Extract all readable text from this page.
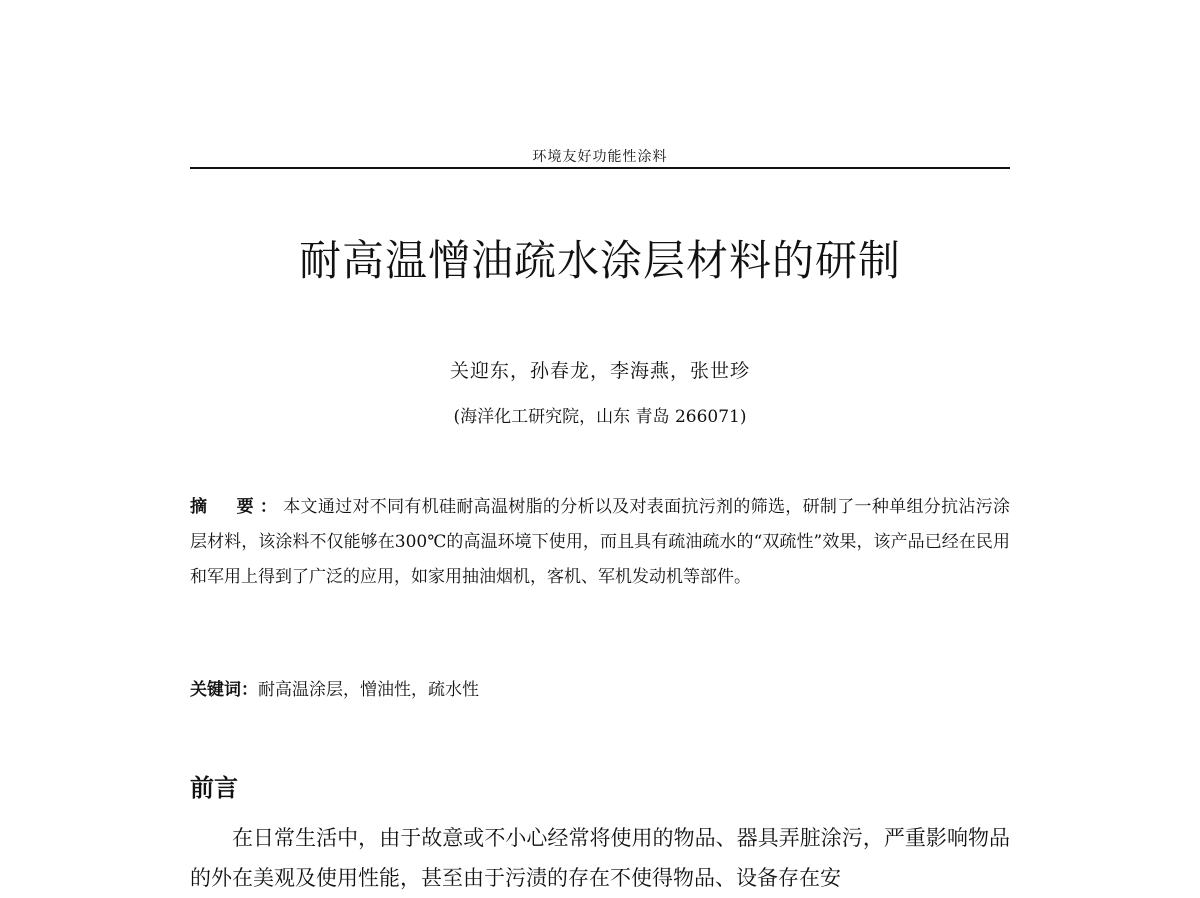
环境友好功能性涂料
耐高温憎油疏水涂层材料的研制
关迎东，孙春龙，李海燕，张世珍
(海洋化工研究院，山东 青岛 266071)
摘　要：本文通过对不同有机硅耐高温树脂的分析以及对表面抗污剂的筛选，研制了一种单组分抗沾污涂层材料，该涂料不仅能够在300℃的高温环境下使用，而且具有疏油疏水的“双疏性”效果，该产品已经在民用和军用上得到了广泛的应用，如家用抽油烟机，客机、军机发动机等部件。
关键词：耐高温涂层，憎油性，疏水性
前言
在日常生活中，由于故意或不小心经常将使用的物品、器具弄脏涂污，严重影响物品的外在美观及使用性能，甚至由于污渍的存在不使得物品、设备存在安
